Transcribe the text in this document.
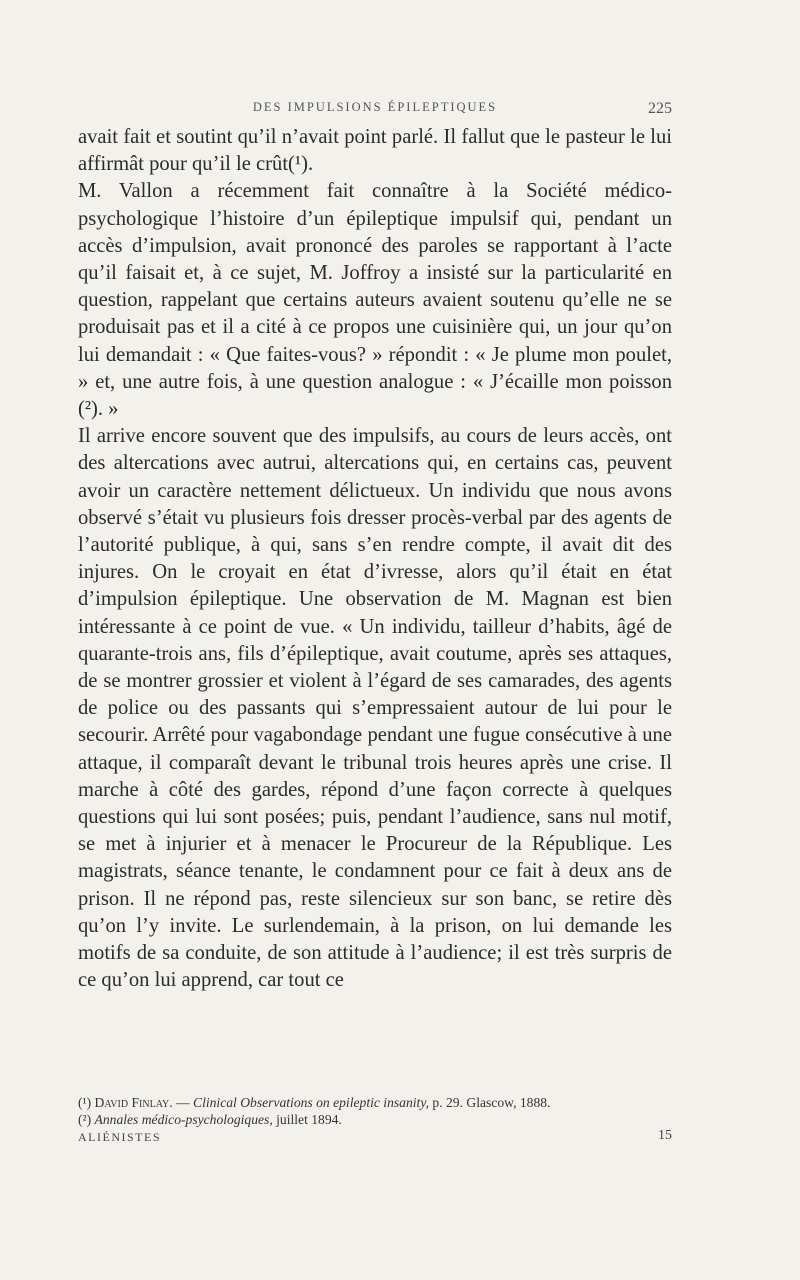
DES IMPULSIONS ÉPILEPTIQUES	225

avait fait et soutint qu’il n’avait point parlé. Il fallut que le pasteur le lui affirmât pour qu’il le crût(¹).

M. Vallon a récemment fait connaître à la Société médico-psychologique l’histoire d’un épileptique impulsif qui, pendant un accès d’impulsion, avait prononcé des paroles se rapportant à l’acte qu’il faisait et, à ce sujet, M. Joffroy a insisté sur la particularité en question, rappelant que certains auteurs avaient soutenu qu’elle ne se produisait pas et il a cité à ce propos une cuisinière qui, un jour qu’on lui demandait : « Que faites-vous? » répondit : « Je plume mon poulet, » et, une autre fois, à une question analogue : « J’écaille mon poisson (²). »

Il arrive encore souvent que des impulsifs, au cours de leurs accès, ont des altercations avec autrui, altercations qui, en certains cas, peuvent avoir un caractère nettement délictueux. Un individu que nous avons observé s’était vu plusieurs fois dresser procès-verbal par des agents de l’autorité publique, à qui, sans s’en rendre compte, il avait dit des injures. On le croyait en état d’ivresse, alors qu’il était en état d’impulsion épileptique. Une observation de M. Magnan est bien intéressante à ce point de vue. « Un individu, tailleur d’habits, âgé de quarante-trois ans, fils d’épileptique, avait coutume, après ses attaques, de se montrer grossier et violent à l’égard de ses camarades, des agents de police ou des passants qui s’empressaient autour de lui pour le secourir. Arrêté pour vagabondage pendant une fugue consécutive à une attaque, il comparaît devant le tribunal trois heures après une crise. Il marche à côté des gardes, répond d’une façon correcte à quelques questions qui lui sont posées; puis, pendant l’audience, sans nul motif, se met à injurier et à menacer le Procureur de la République. Les magistrats, séance tenante, le condamnent pour ce fait à deux ans de prison. Il ne répond pas, reste silencieux sur son banc, se retire dès qu’on l’y invite. Le surlendemain, à la prison, on lui demande les motifs de sa conduite, de son attitude à l’audience; il est très surpris de ce qu’on lui apprend, car tout ce

(¹) David Finlay. — Clinical Observations on epileptic insanity, p. 29. Glascow, 1888.

(²) Annales médico-psychologiques, juillet 1894.

ALIÉNISTES	15
